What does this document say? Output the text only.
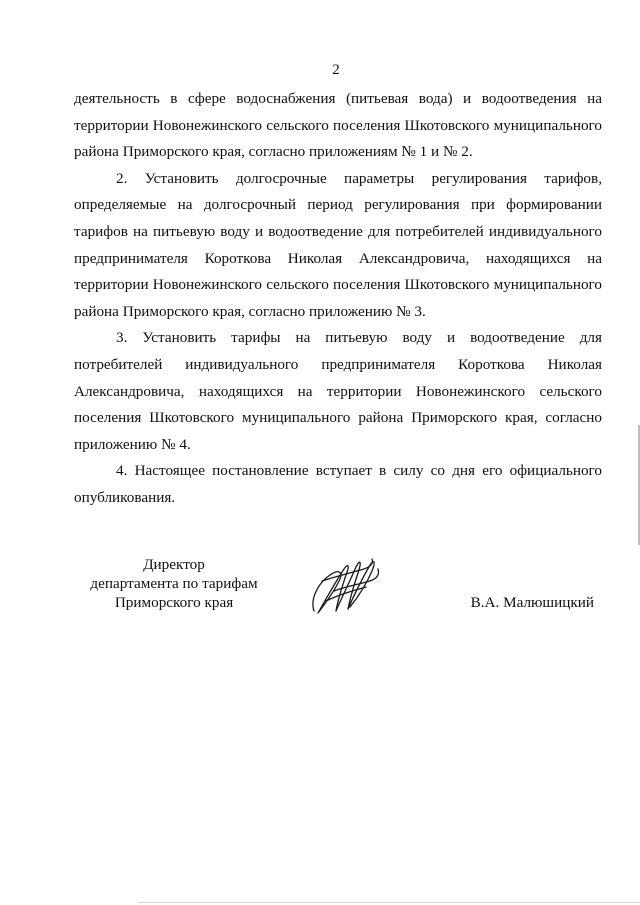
2

деятельность в сфере водоснабжения (питьевая вода) и водоотведения на территории Новонежинского сельского поселения Шкотовского муниципального района Приморского края, согласно приложениям № 1 и № 2.

2. Установить долгосрочные параметры регулирования тарифов, определяемые на долгосрочный период регулирования при формировании тарифов на питьевую воду и водоотведение для потребителей индивидуального предпринимателя Короткова Николая Александровича, находящихся на территории Новонежинского сельского поселения Шкотовского муниципального района Приморского края, согласно приложению № 3.

3. Установить тарифы на питьевую воду и водоотведение для потребителей индивидуального предпринимателя Короткова Николая Александровича, находящихся на территории Новонежинского сельского поселения Шкотовского муниципального района Приморского края, согласно приложению № 4.

4. Настоящее постановление вступает в силу со дня его официального опубликования.

Директор
департамента по тарифам
Приморского края	В.А. Малюшицкий
